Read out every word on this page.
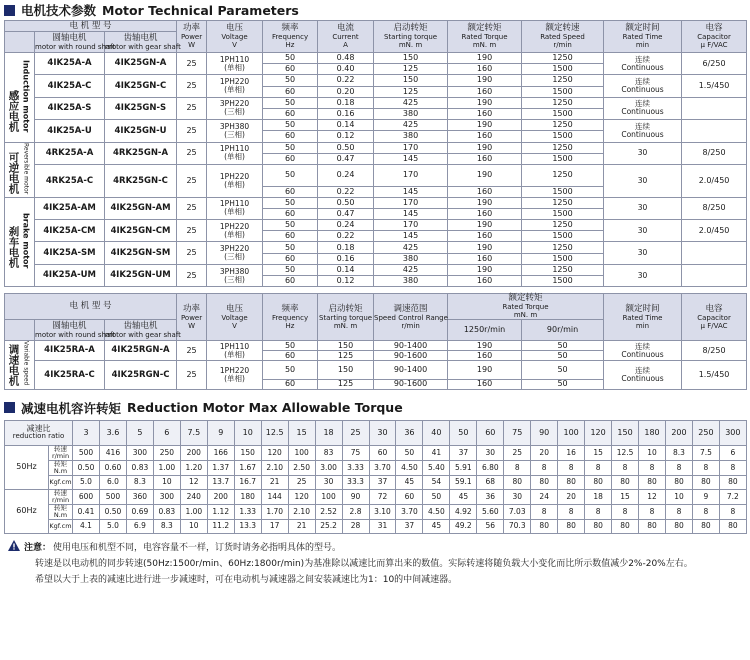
电机技术参数 Motor Technical Parameters
电 机 型 号			功率
Power
W	电压
Voltage
V	频率
Frequency
Hz	电流
Current
A	启动转矩
Starting torque
mN. m	额定转矩
Rated Torque
mN. m	额定转速
Rated Speed
r/min	额定时间
Rated Time
min	电容
Capacitor
μ F/VAC

	圆轴电机
motor with round shaft	齿轴电机
motor with gear shaft									

感应电机 Induction motor	4IK25A-A	4IK25GN-A	25	1PH110
(单相)	50	0.48	150	190	1250	连续
Continuous	6/250
					60	0.40	125	160	1500		
	4IK25A-C	4IK25GN-C	25	1PH220
(单相)	50	0.22	150	190	1250	连续
Continuous	1.5/450
					60	0.20	125	160	1500		
	4IK25A-S	4IK25GN-S	25	3PH220
(三相)	50	0.18	425	190	1250	连续
Continuous	

					60	0.16	380	160	1500		
	4IK25A-U	4IK25GN-U	25	3PH380
(三相)	50	0.14	425	190	1250	连续
Continuous	

					60	0.12	380	160	1500		
可逆电机 Reversible motor	4RK25A-A	4RK25GN-A	25	1PH110
(单相)	50	0.50	170	190	1250	30	8/250
					60	0.47	145	160	1500		
	4RK25A-C	4RK25GN-C	25	1PH220
(单相)	50	0.24	170	190	1250	30	2.0/450
					60	0.22	145	160	1500		
刹车电机 brake motor	4IK25A-AM	4IK25GN-AM	25	1PH110
(单相)	50	0.50	170	190	1250	30	8/250
					60	0.47	145	160	1500		
	4IK25A-CM	4IK25GN-CM	25	1PH220
(单相)	50	0.24	170	190	1250	30	2.0/450
					60	0.22	145	160	1500		
	4IK25A-SM	4IK25GN-SM	25	3PH220
(三相)	50	0.18	425	190	1250	30	

					60	0.16	380	160	1500		
	4IK25A-UM	4IK25GN-UM	25	3PH380
(三相)	50	0.14	425	190	1250	30	

					60	0.12	380	160	1500		
电 机 型 号			功率
Power
W	电压
Voltage
V	频率
Frequency
Hz	启动转矩
Starting torque
mN. m	调速范围
Speed Control Range
r/min	额定转矩
Rated Torque
mN. m		额定时间
Rated Time
min	电容
Capacitor
μ F/VAC

	圆轴电机
motor with round shaft	齿轴电机
motor with gear shaft						1250r/min	90r/min		
调速电机 Variable speed	4IK25RA-A	4IK25RGN-A	25	1PH110
(单相)	50	150	90-1400	190	50	连续
Continuous	8/250
					60	125	90-1600	160	50		
	4IK25RA-C	4IK25RGN-C	25	1PH220
(单相)	50	150	90-1400	190	50	连续
Continuous	1.5/450
					60	125	90-1600	160	50		
减速电机容许转矩 Reduction Motor Max Allowable Torque
减速比
reduction ratio		3	3.6	5	6	7.5	9	10	12.5	15	18	25	30	36	40	50	60	75	90	100	120	150	180	200	250	300
50Hz	转速
r/min	500	416	300	250	200	166	150	120	100	83	75	60	50	41	37	30	25	20	16	15	12.5	10	8.3	7.5	6

	转矩
N.m	0.50	0.60	0.83	1.00	1.20	1.37	1.67	2.10	2.50	3.00	3.33	3.70	4.50	5.40	5.91	6.80	8	8	8	8	8	8	8	8	8

	Kgf.cm	5.0	6.0	8.3	10	12	13.7	16.7	21	25	30	33.3	37	45	54	59.1	68	80	80	80	80	80	80	80	80	80
60Hz	转速
r/min	600	500	360	300	240	200	180	144	120	100	90	72	60	50	45	36	30	24	20	18	15	12	10	9	7.2

	转矩
N.m	0.41	0.50	0.69	0.83	1.00	1.12	1.33	1.70	2.10	2.52	2.8	3.10	3.70	4.50	4.92	5.60	7.03	8	8	8	8	8	8	8	8

	Kgf.cm	4.1	5.0	6.9	8.3	10	11.2	13.3	17	21	25.2	28	31	37	45	49.2	56	70.3	80	80	80	80	80	80	80	80
注意： 使用电压和机型不同，电容容量不一样，订货时请务必指明具体的型号。
转速是以电动机的同步转速(50Hz:1500r/min、60Hz:1800r/min)为基准除以减速比而算出来的数值。实际转速将随负载大小变化而比所示数值减少2%-20%左右。
希望以大于上表的减速比进行进一步减速时，可在电动机与减速器之间安装减速比为1：10的中间减速器。
